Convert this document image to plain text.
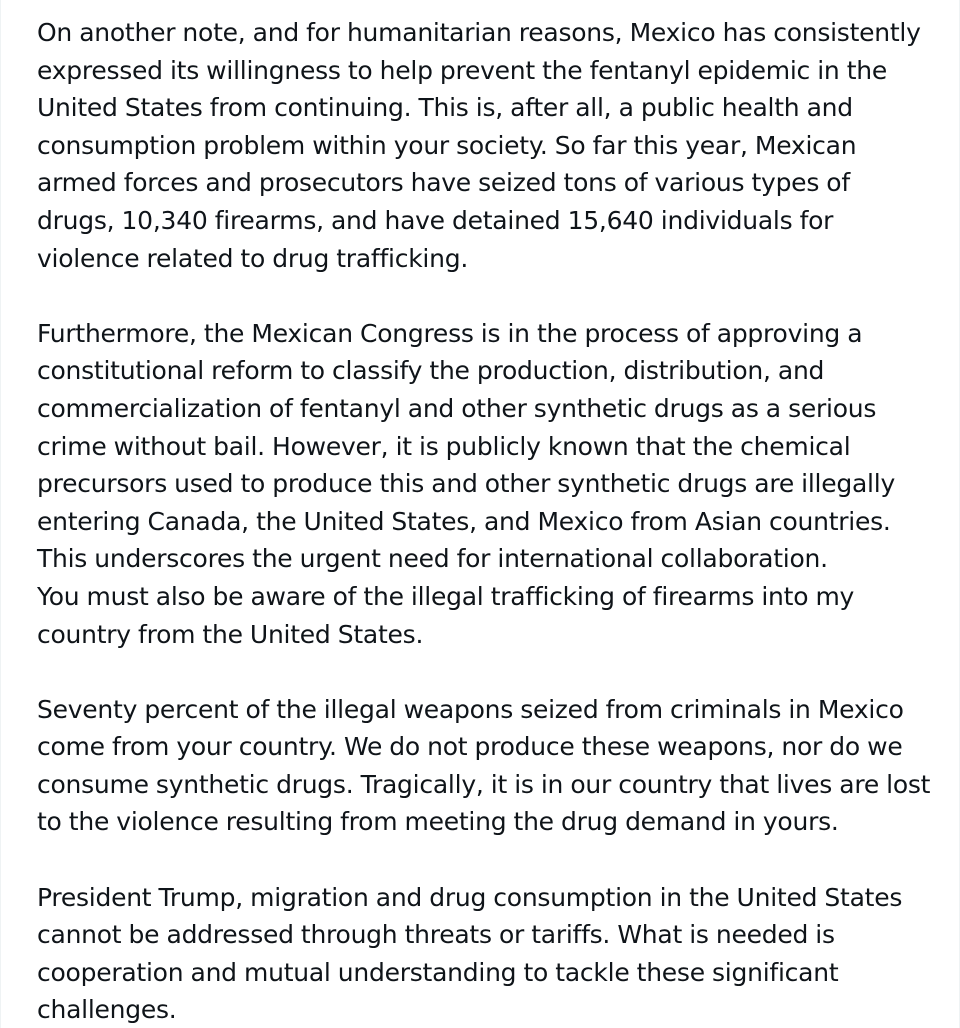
On another note, and for humanitarian reasons, Mexico has consistently
expressed its willingness to help prevent the fentanyl epidemic in the
United States from continuing. This is, after all, a public health and
consumption problem within your society. So far this year, Mexican
armed forces and prosecutors have seized tons of various types of
drugs, 10,340 firearms, and have detained 15,640 individuals for
violence related to drug trafficking.

Furthermore, the Mexican Congress is in the process of approving a
constitutional reform to classify the production, distribution, and
commercialization of fentanyl and other synthetic drugs as a serious
crime without bail. However, it is publicly known that the chemical
precursors used to produce this and other synthetic drugs are illegally
entering Canada, the United States, and Mexico from Asian countries.
This underscores the urgent need for international collaboration.
You must also be aware of the illegal trafficking of firearms into my
country from the United States.

Seventy percent of the illegal weapons seized from criminals in Mexico
come from your country. We do not produce these weapons, nor do we
consume synthetic drugs. Tragically, it is in our country that lives are lost
to the violence resulting from meeting the drug demand in yours.

President Trump, migration and drug consumption in the United States
cannot be addressed through threats or tariffs. What is needed is
cooperation and mutual understanding to tackle these significant
challenges.
